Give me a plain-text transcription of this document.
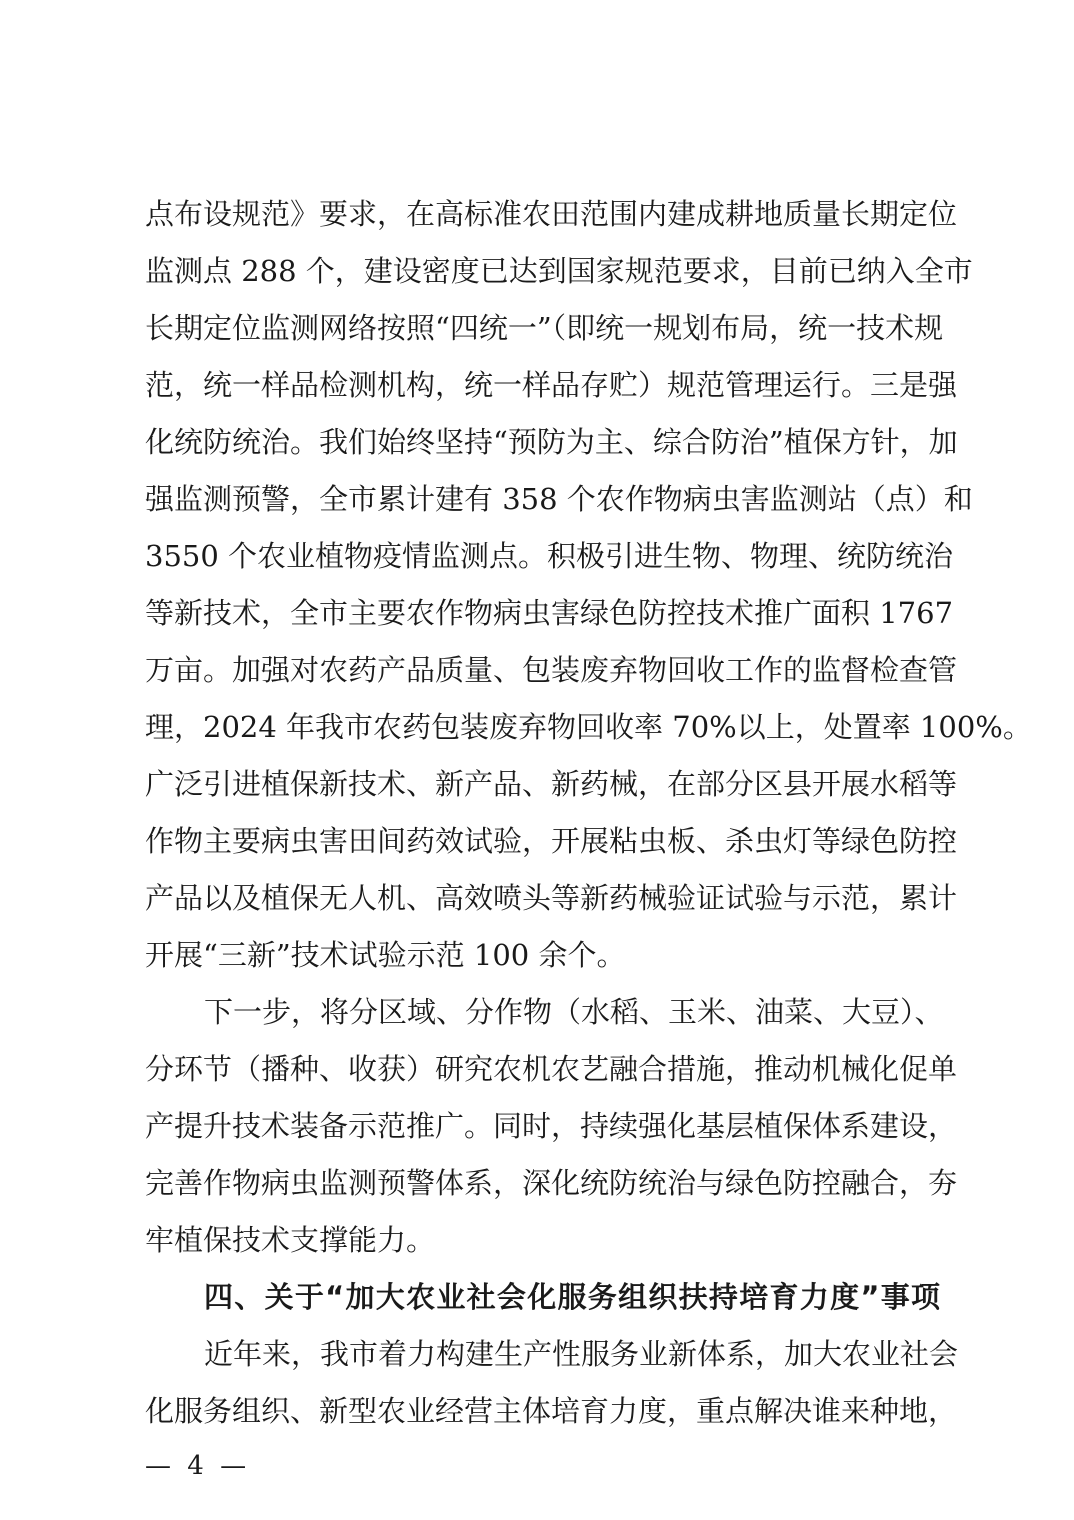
点布设规范》要求，在高标准农田范围内建成耕地质量长期定位
监测点 288 个，建设密度已达到国家规范要求，目前已纳入全市
长期定位监测网络按照“四统一”（即统一规划布局，统一技术规
范，统一样品检测机构，统一样品存贮）规范管理运行。三是强
化统防统治。我们始终坚持“预防为主、综合防治”植保方针，加
强监测预警，全市累计建有 358 个农作物病虫害监测站（点）和
3550 个农业植物疫情监测点。积极引进生物、物理、统防统治
等新技术，全市主要农作物病虫害绿色防控技术推广面积 1767
万亩。加强对农药产品质量、包装废弃物回收工作的监督检查管
理，2024 年我市农药包装废弃物回收率 70%以上，处置率 100%。
广泛引进植保新技术、新产品、新药械，在部分区县开展水稻等
作物主要病虫害田间药效试验，开展粘虫板、杀虫灯等绿色防控
产品以及植保无人机、高效喷头等新药械验证试验与示范，累计
开展“三新”技术试验示范 100 余个。
下一步，将分区域、分作物（水稻、玉米、油菜、大豆）、
分环节（播种、收获）研究农机农艺融合措施，推动机械化促单
产提升技术装备示范推广。同时，持续强化基层植保体系建设，
完善作物病虫监测预警体系，深化统防统治与绿色防控融合，夯
牢植保技术支撑能力。
四、关于“加大农业社会化服务组织扶持培育力度”事项
近年来，我市着力构建生产性服务业新体系，加大农业社会
化服务组织、新型农业经营主体培育力度，重点解决谁来种地，
— 4 —
